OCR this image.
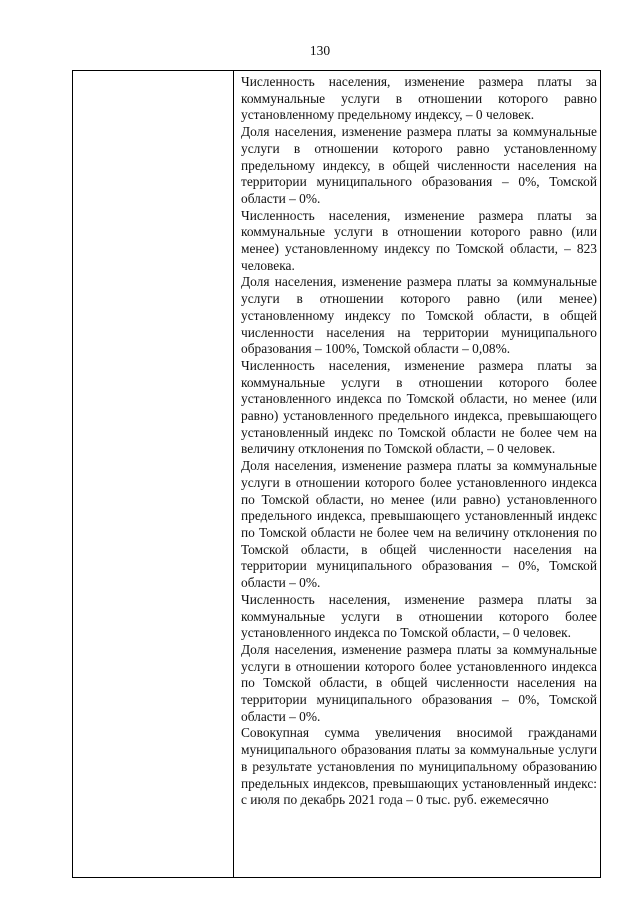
130

Численность населения, изменение размера платы за коммунальные услуги в отношении которого равно установленному предельному индексу, – 0 человек.

Доля населения, изменение размера платы за коммунальные услуги в отношении которого равно установленному предельному индексу, в общей численности населения на территории муниципального образования – 0%, Томской области – 0%.

Численность населения, изменение размера платы за коммунальные услуги в отношении которого равно (или менее) установленному индексу по Томской области, – 823 человека.

Доля населения, изменение размера платы за коммунальные услуги в отношении которого равно (или менее) установленному индексу по Томской области, в общей численности населения на территории муниципального образования – 100%, Томской области – 0,08%.

Численность населения, изменение размера платы за коммунальные услуги в отношении которого более установленного индекса по Томской области, но менее (или равно) установленного предельного индекса, превышающего установленный индекс по Томской области не более чем на величину отклонения по Томской области, – 0 человек.

Доля населения, изменение размера платы за коммунальные услуги в отношении которого более установленного индекса по Томской области, но менее (или равно) установленного предельного индекса, превышающего установленный индекс по Томской области не более чем на величину отклонения по Томской области, в общей численности населения на территории муниципального образования – 0%, Томской области – 0%.

Численность населения, изменение размера платы за коммунальные услуги в отношении которого более установленного индекса по Томской области, – 0 человек.

Доля населения, изменение размера платы за коммунальные услуги в отношении которого более установленного индекса по Томской области, в общей численности населения на территории муниципального образования – 0%, Томской области – 0%.

Совокупная сумма увеличения вносимой гражданами муниципального образования платы за коммунальные услуги в результате установления по муниципальному образованию предельных индексов, превышающих установленный индекс: с июля по декабрь 2021 года – 0 тыс. руб. ежемесячно
